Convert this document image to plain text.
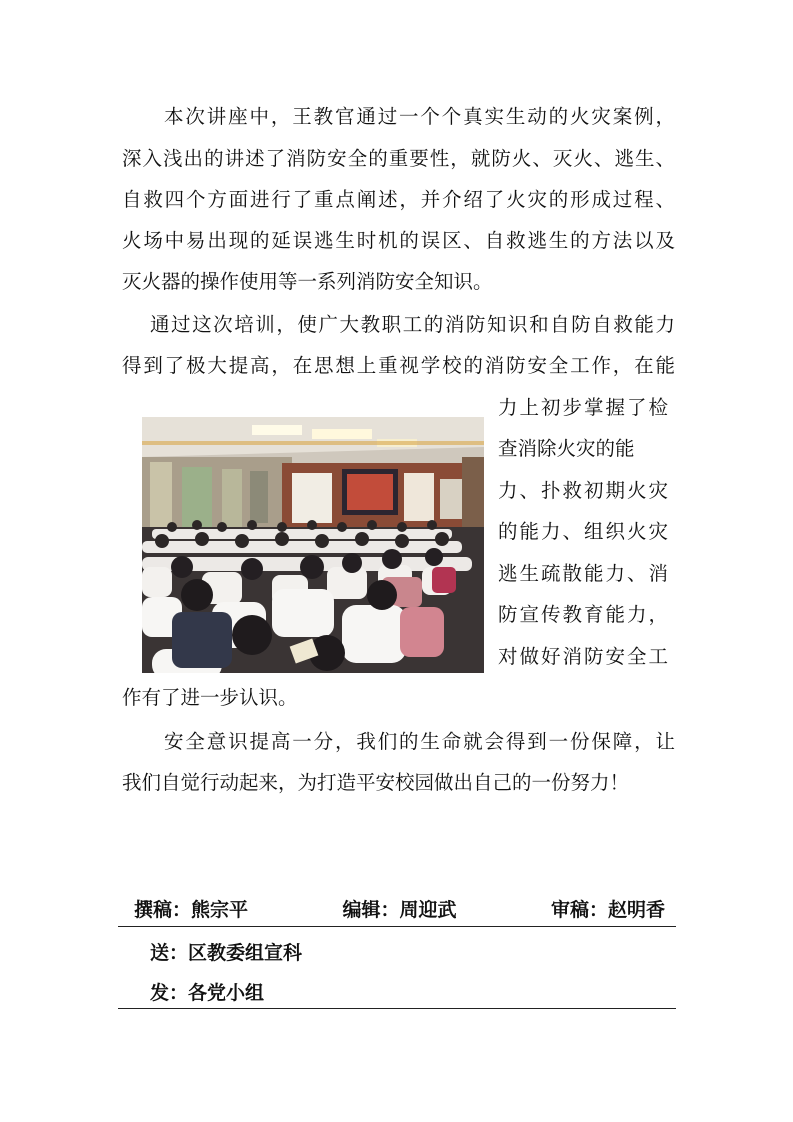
本次讲座中，王教官通过一个个真实生动的火灾案例，
深入浅出的讲述了消防安全的重要性，就防火、灭火、逃生、
自救四个方面进行了重点阐述，并介绍了火灾的形成过程、
火场中易出现的延误逃生时机的误区、自救逃生的方法以及
灭火器的操作使用等一系列消防安全知识。
通过这次培训，使广大教职工的消防知识和自防自救能力
得到了极大提高，在思想上重视学校的消防安全工作，在能
力上初步掌握了检
查消除火灾的能
力、扑救初期火灾
的能力、组织火灾
逃生疏散能力、消
防宣传教育能力，
对做好消防安全工
作有了进一步认识。
安全意识提高一分，我们的生命就会得到一份保障，让
我们自觉行动起来，为打造平安校园做出自己的一份努力！
撰稿：熊宗平	编辑：周迎武	审稿：赵明香
送：区教委组宣科
发：各党小组
